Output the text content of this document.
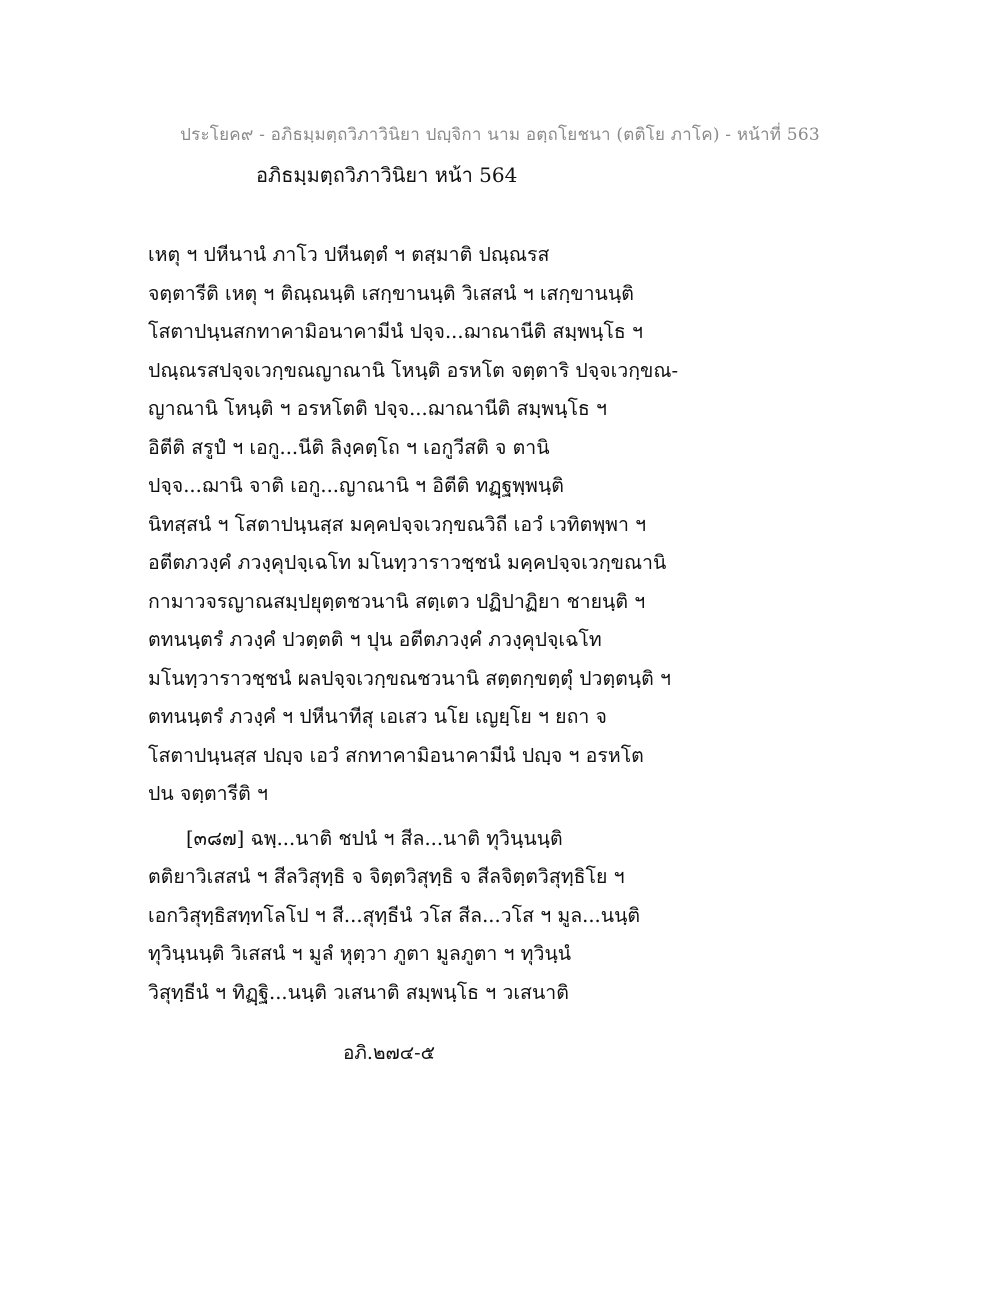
ประโยค๙ - อภิธมฺมตฺถวิภาวินิยา ปญฺจิกา นาม อตฺถโยชนา (ตติโย ภาโค) - หน้าที่ 563
อภิธมฺมตฺถวิภาวินิยา หน้า 564
เหตุ ฯ ปหีนานํ ภาโว ปหีนตฺตํ ฯ ตสฺมาติ ปณฺณรส
จตฺตารีติ เหตุ ฯ ติณฺณนฺติ เสกฺขานนฺติ วิเสสนํ ฯ เสกฺขานนฺติ
โสตาปนฺนสกทาคามิอนาคามีนํ ปจฺจ...ฌาณานีติ สมฺพนฺโธ ฯ
ปณฺณรสปจฺจเวกฺขณญาณานิ โหนฺติ อรหโต จตฺตาริ ปจฺจเวกฺขณ-
ญาณานิ โหนฺติ ฯ อรหโตติ ปจฺจ...ฌาณานีติ สมฺพนฺโธ ฯ
อิตีติ สรูปํ ฯ เอกู...นีติ ลิงฺคตฺโถ ฯ เอกูวีสติ จ ตานิ
ปจฺจ...ฌานิ จาติ เอกู...ญาณานิ ฯ อิตีติ ทฏฺฐพฺพนฺติ
นิทสฺสนํ ฯ โสตาปนฺนสฺส มคฺคปจฺจเวกฺขณวิถี เอวํ เวทิตพฺพา ฯ
อตีตภวงฺคํ ภวงฺคุปจฺเฉโท มโนทฺวาราวชฺชนํ มคฺคปจฺจเวกฺขณานิ
กามาวจรญาณสมฺปยุตฺตชวนานิ สตฺเตว ปฏิปาฏิยา ชายนฺติ ฯ
ตทนนฺตรํ ภวงฺคํ ปวตฺตติ ฯ ปุน อตีตภวงฺคํ ภวงฺคุปจฺเฉโท
มโนทฺวาราวชฺชนํ ผลปจฺจเวกฺขณชวนานิ สตฺตกฺขตฺตุํ ปวตฺตนฺติ ฯ
ตทนนฺตรํ ภวงฺคํ ฯ ปหีนาทีสุ เอเสว นโย เญยฺโย ฯ ยถา จ
โสตาปนฺนสฺส ปญฺจ เอวํ สกทาคามิอนาคามีนํ ปญฺจ ฯ อรหโต
ปน จตฺตารีติ ฯ
[๓๘๗] ฉพฺ...นาติ ชปนํ ฯ สีล...นาติ ทุวินฺนนฺติ
ตติยาวิเสสนํ ฯ สีลวิสุทฺธิ จ จิตฺตวิสุทฺธิ จ สีลจิตฺตวิสุทฺธิโย ฯ
เอกวิสุทฺธิสทฺทโลโป ฯ สี...สุทฺธีนํ วโส สีล...วโส ฯ มูล...นนฺติ
ทุวินฺนนฺติ วิเสสนํ ฯ มูลํ หุตฺวา ภูตา มูลภูตา ฯ ทุวินฺนํ
วิสุทฺธีนํ ฯ ทิฏฺฐิ...นนฺติ วเสนาติ สมฺพนฺโธ ฯ วเสนาติ
อภิ.๒๗๔-๕
